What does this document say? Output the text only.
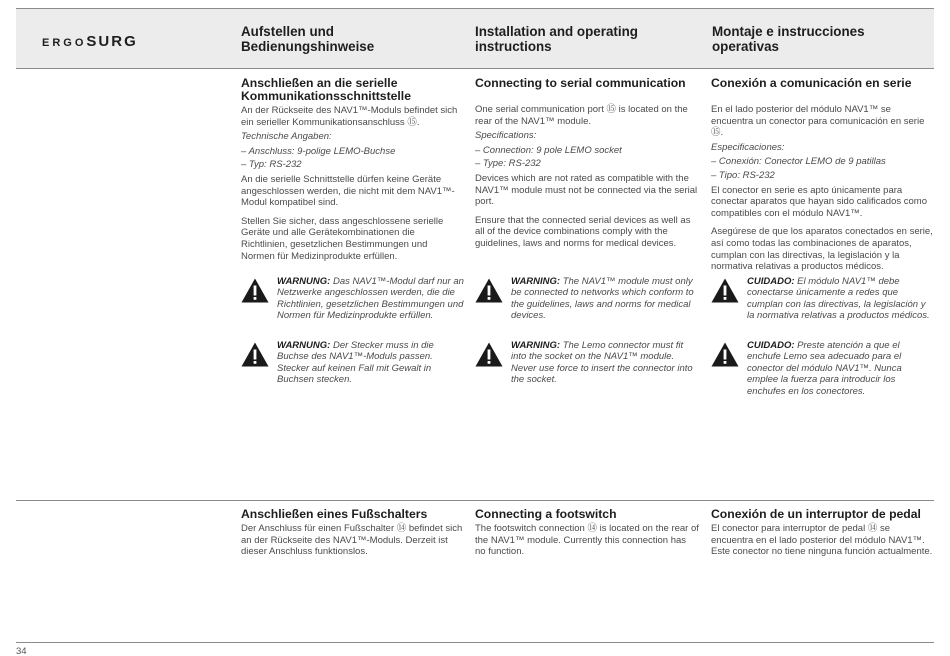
ERGOSURG
Aufstellen und Bedienungshinweise
Installation and operating instructions
Montaje e instrucciones operativas
Anschließen an die serielle Kommunikationsschnittstelle
An der Rückseite des NAV1™-Moduls befindet sich ein serieller Kommunikationsanschluss ⑮.
Technische Angaben:
– Anschluss: 9-polige LEMO-Buchse
– Typ: RS-232
An die serielle Schnittstelle dürfen keine Geräte angeschlossen werden, die nicht mit dem NAV1™-Modul kompatibel sind.
Stellen Sie sicher, dass angeschlossene serielle Geräte und alle Gerätekombinationen die Richtlinien, gesetzlichen Bestimmungen und Normen für Medizinprodukte erfüllen.
WARNUNG: Das NAV1™-Modul darf nur an Netzwerke angeschlossen werden, die die Richtlinien, gesetzlichen Bestimmungen und Normen für Medizinprodukte erfüllen.
WARNUNG: Der Stecker muss in die Buchse des NAV1™-Moduls passen. Stecker auf keinen Fall mit Gewalt in Buchsen stecken.
Connecting to serial communication
One serial communication port ⑮ is located on the rear of the NAV1™ module.
Specifications:
– Connection: 9 pole LEMO socket
– Type: RS-232
Devices which are not rated as compatible with the NAV1™ module must not be connected via the serial port.
Ensure that the connected serial devices as well as all of the device combinations comply with the guidelines, laws and norms for medical devices.
WARNING: The NAV1™ module must only be connected to networks which conform to the guidelines, laws and norms for medical devices.
WARNING: The Lemo connector must fit into the socket on the NAV1™ module. Never use force to insert the connector into the socket.
Conexión a comunicación en serie
En el lado posterior del módulo NAV1™ se encuentra un conector para comunicación en serie ⑮.
Especificaciones:
– Conexión: Conector LEMO de 9 patillas
– Tipo: RS-232
El conector en serie es apto únicamente para conectar aparatos que hayan sido calificados como compatibles con el módulo NAV1™.
Asegúrese de que los aparatos conectados en serie, así como todas las combinaciones de aparatos, cumplan con las directivas, la legislación y la normativa relativas a productos médicos.
CUIDADO: El módulo NAV1™ debe conectarse únicamente a redes que cumplan con las directivas, la legislación y la normativa relativas a productos médicos.
CUIDADO: Preste atención a que el enchufe Lemo sea adecuado para el conector del módulo NAV1™. Nunca emplee la fuerza para introducir los enchufes en los conectores.
Anschließen eines Fußschalters
Der Anschluss für einen Fußschalter ⑭ befindet sich an der Rückseite des NAV1™-Moduls. Derzeit ist dieser Anschluss funktionslos.
Connecting a footswitch
The footswitch connection ⑭ is located on the rear of the NAV1™ module. Currently this connection has no function.
Conexión de un interruptor de pedal
El conector para interruptor de pedal ⑭ se encuentra en el lado posterior del módulo NAV1™. Este conector no tiene ninguna función actualmente.
34
